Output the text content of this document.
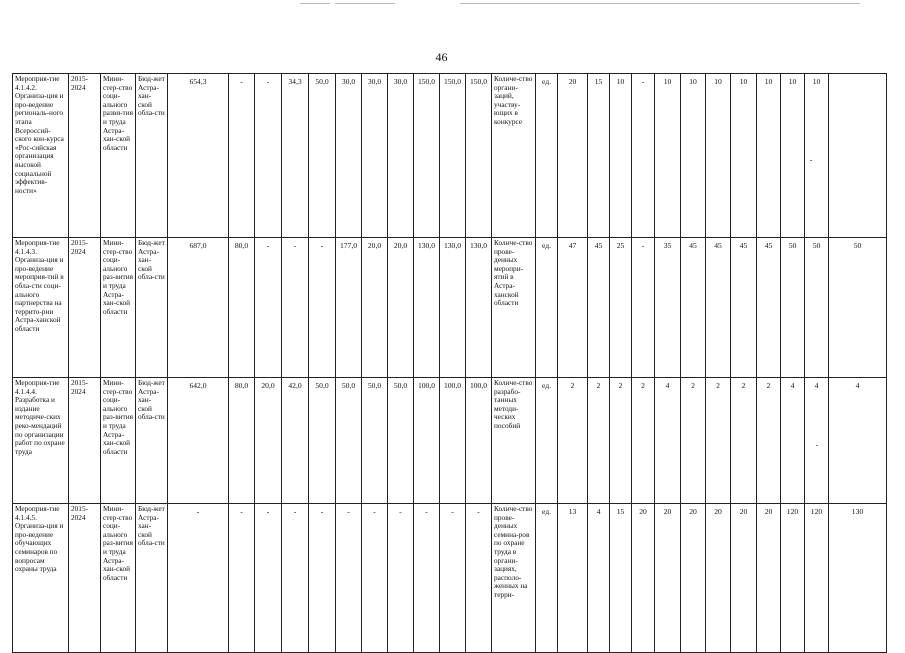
46
Мероприя-тие 4.1.4.2. Организа-ция и про-ведение региональ-ного этапа Всероссий-ского кон-курса «Рос-сийская организация высокой социальной эффектив-ности»	2015-2024	Мини-стер-ство соци-ального разви-тия и труда Астра-хан-ской области	Бюд-жет Астра-хан-ской обла-сти	654,3	-	-	34,3	50,0	30,0	30,0	30,0	150,0	150,0	150,0	Количе-ство органи-заций, участву-ющих в конкурсе	ед.	20	15	10	-	10	10	10	10	10	10	10	
Мероприя-тие 4.1.4.3. Организа-ция и про-ведение мероприя-тий в обла-сти соци-ального партнерства на террито-рии Астра-ханской области	2015-2024	Мини-стер-ство соци-ального раз-вития и труда Астра-хан-ской области	Бюд-жет Астра-хан-ской обла-сти	687,0	80,0	-	-	-	177,0	20,0	20,0	130,0	130,0	130,0	Количе-ство прове-денных меропри-ятий в Астра-ханской области	ед.	47	45	25	-	35	45	45	45	45	50	50	50
Мероприя-тие 4.1.4.4. Разработка и издание методиче-ских реко-мендаций по организации работ по охране труда	2015-2024	Мини-стер-ство соци-ального раз-вития и труда Астра-хан-ской области	Бюд-жет Астра-хан-ской обла-сти	642,0	80,0	20,0	42,0	50,0	50,0	50,0	50,0	100,0	100,0	100,0	Количе-ство разрабо-танных методи-ческих пособий	ед.	2	2	2	2	4	2	2	2	2	4	4	4
Мероприя-тие 4.1.4.5. Организа-ция и про-ведение обучающих семинаров по вопросам охраны труда	2015-2024	Мини-стер-ство соци-ального раз-вития и труда Астра-хан-ской области	Бюд-жет Астра-хан-ской обла-сти	-	-	-	-	-	-	-	-	-	-	-	Количе-ство прове-денных семина-ров по охране труда в органи-зациях, располо-женных на терри-	ед.	13	4	15	20	20	20	20	20	20	120	120	130
